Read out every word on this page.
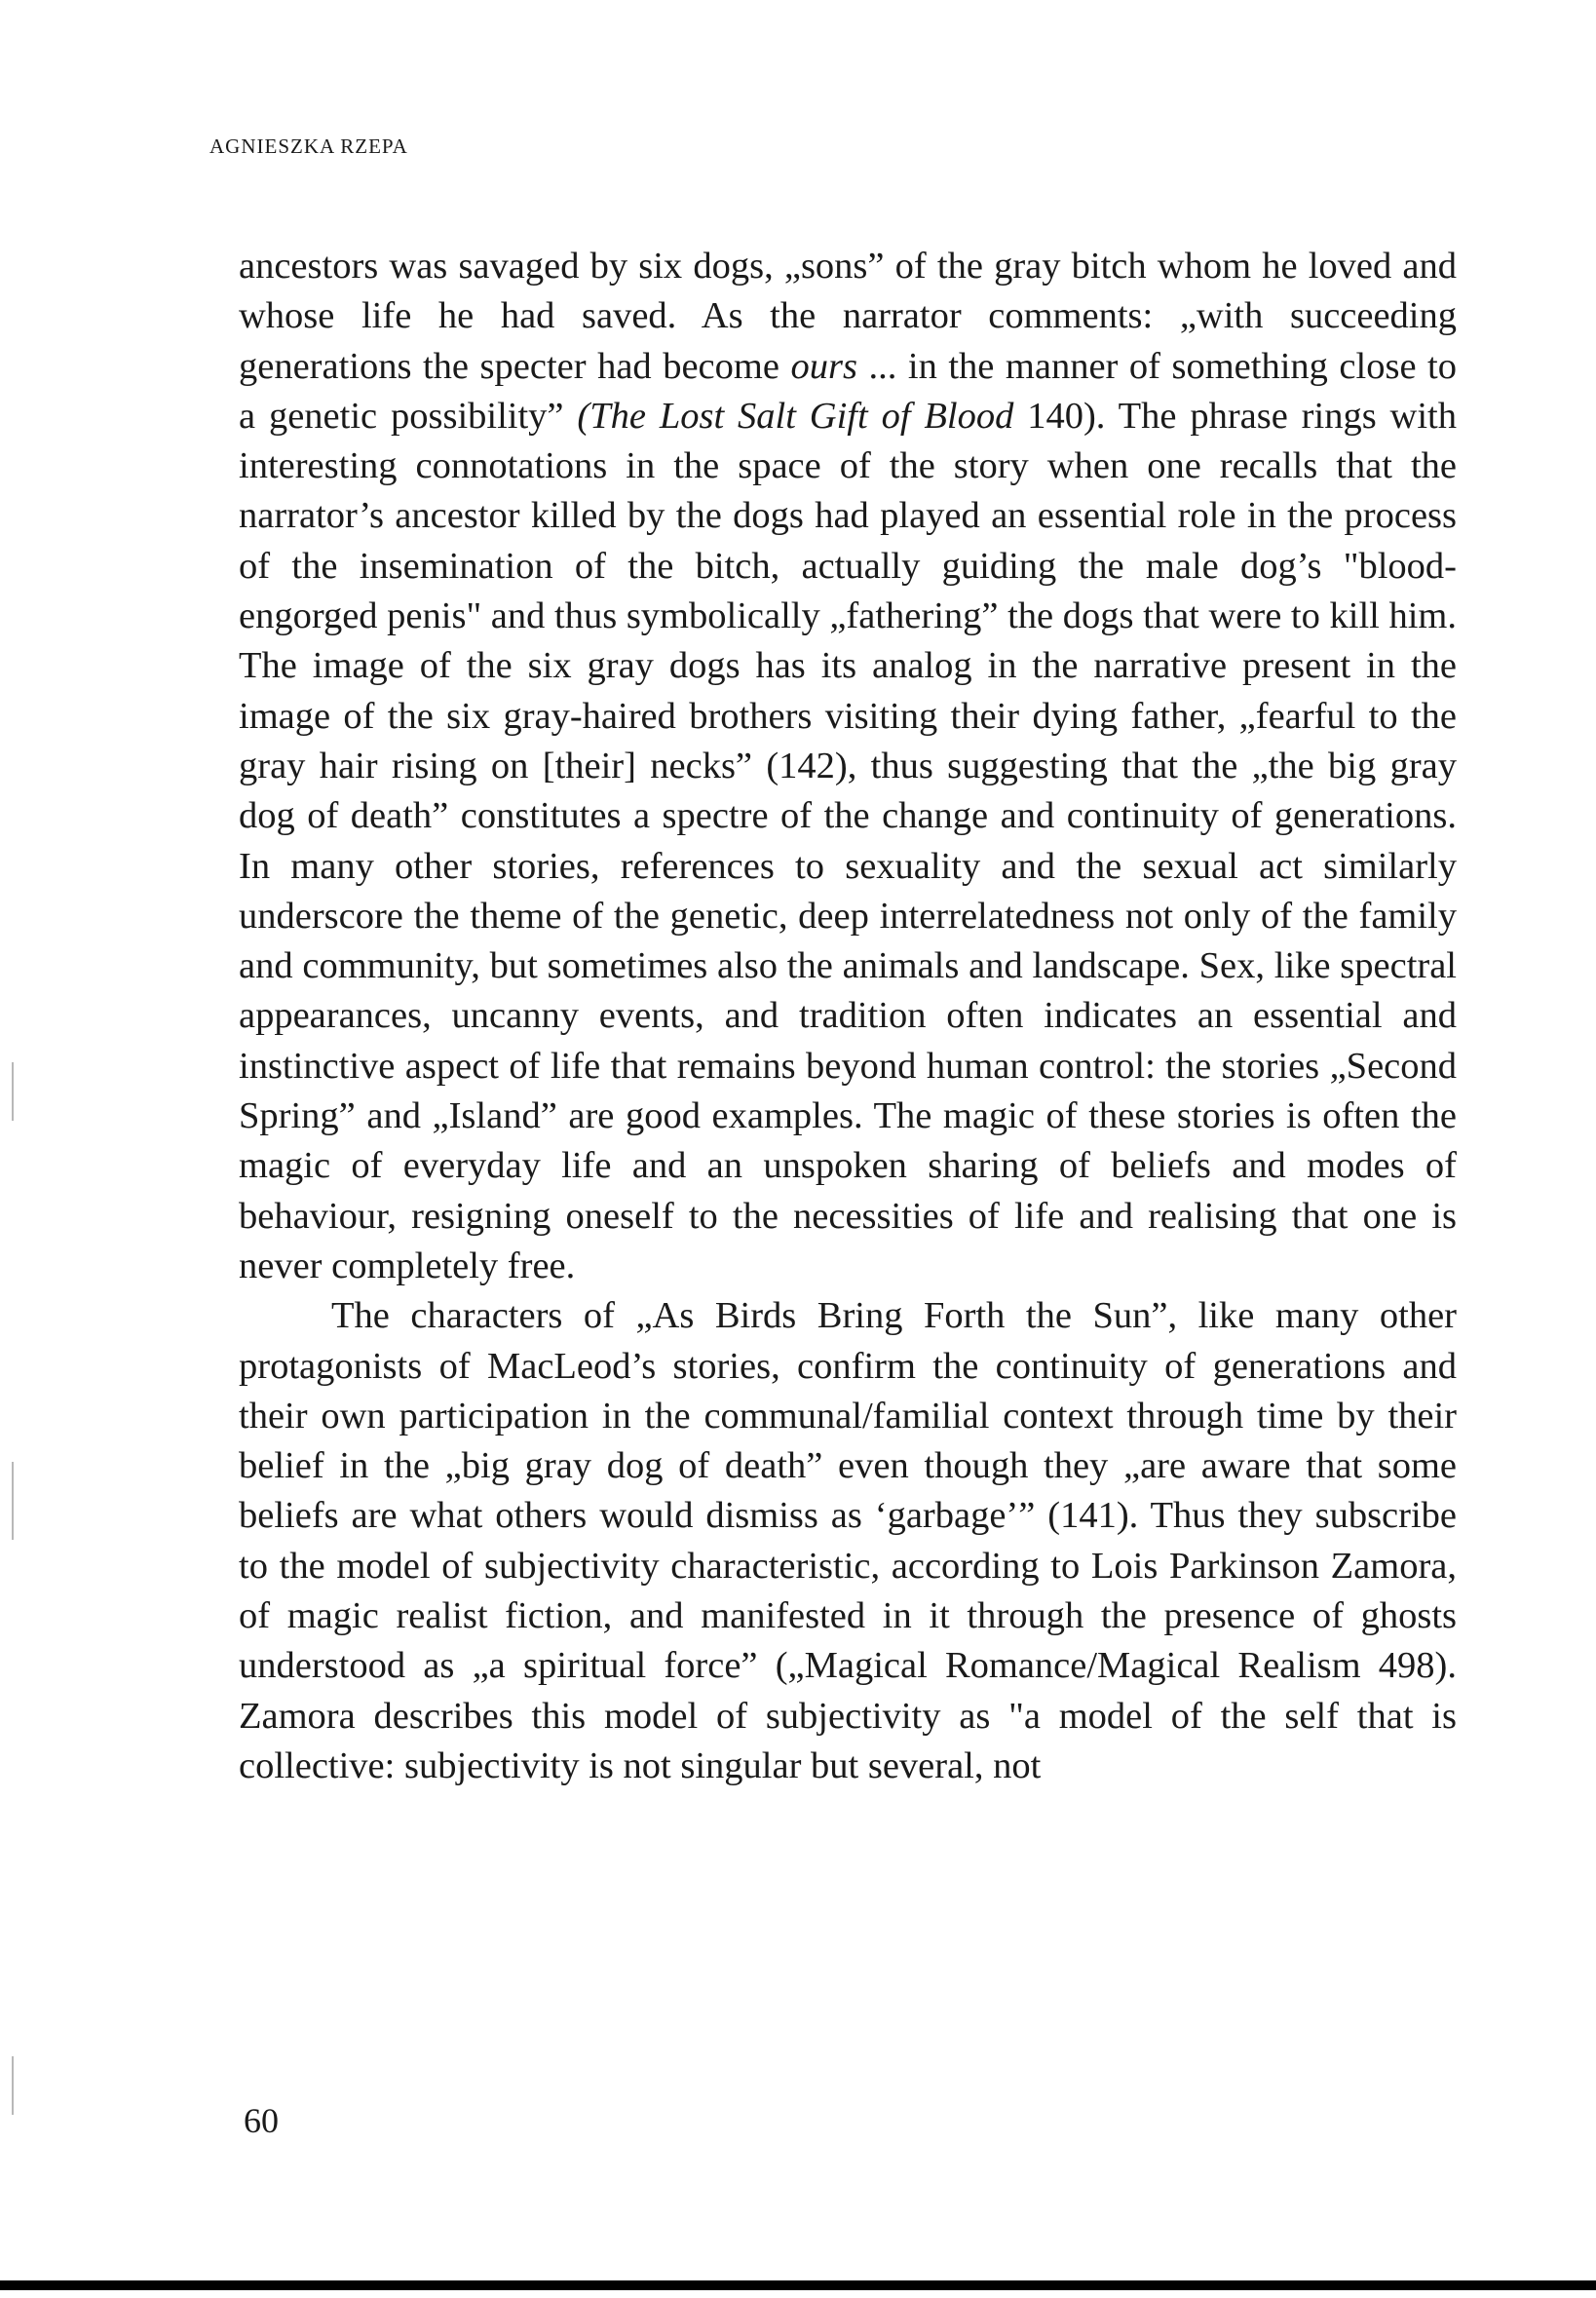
AGNIESZKA RZEPA

ancestors was savaged by six dogs, „sons” of the gray bitch whom he loved and whose life he had saved. As the narrator comments: „with succeeding generations the specter had become ours ... in the manner of something close to a genetic possibility” (The Lost Salt Gift of Blood 140). The phrase rings with interesting connotations in the space of the story when one recalls that the narrator’s ancestor killed by the dogs had played an essential role in the process of the insemination of the bitch, actually guiding the male dog’s "blood-engorged penis" and thus symbolically „fathering” the dogs that were to kill him. The image of the six gray dogs has its analog in the narrative present in the image of the six gray-haired brothers visiting their dying father, „fearful to the gray hair rising on [their] necks” (142), thus suggesting that the „the big gray dog of death” constitutes a spectre of the change and continuity of generations. In many other stories, references to sexuality and the sexual act similarly underscore the theme of the genetic, deep interrelatedness not only of the family and community, but sometimes also the animals and landscape. Sex, like spectral appearances, uncanny events, and tradition often indicates an essential and instinctive aspect of life that remains beyond human control: the stories „Second Spring” and „Island” are good examples. The magic of these stories is often the magic of everyday life and an unspoken sharing of beliefs and modes of behaviour, resigning oneself to the necessities of life and realising that one is never completely free.

The characters of „As Birds Bring Forth the Sun”, like many other protagonists of MacLeod’s stories, confirm the continuity of generations and their own participation in the communal/familial context through time by their belief in the „big gray dog of death” even though they „are aware that some beliefs are what others would dismiss as ‘garbage’” (141). Thus they subscribe to the model of subjectivity characteristic, according to Lois Parkinson Zamora, of magic realist fiction, and manifested in it through the presence of ghosts understood as „a spiritual force” („Magical Romance/Magical Realism 498). Zamora describes this model of subjectivity as "a model of the self that is collective: subjectivity is not singular but several, not

60
